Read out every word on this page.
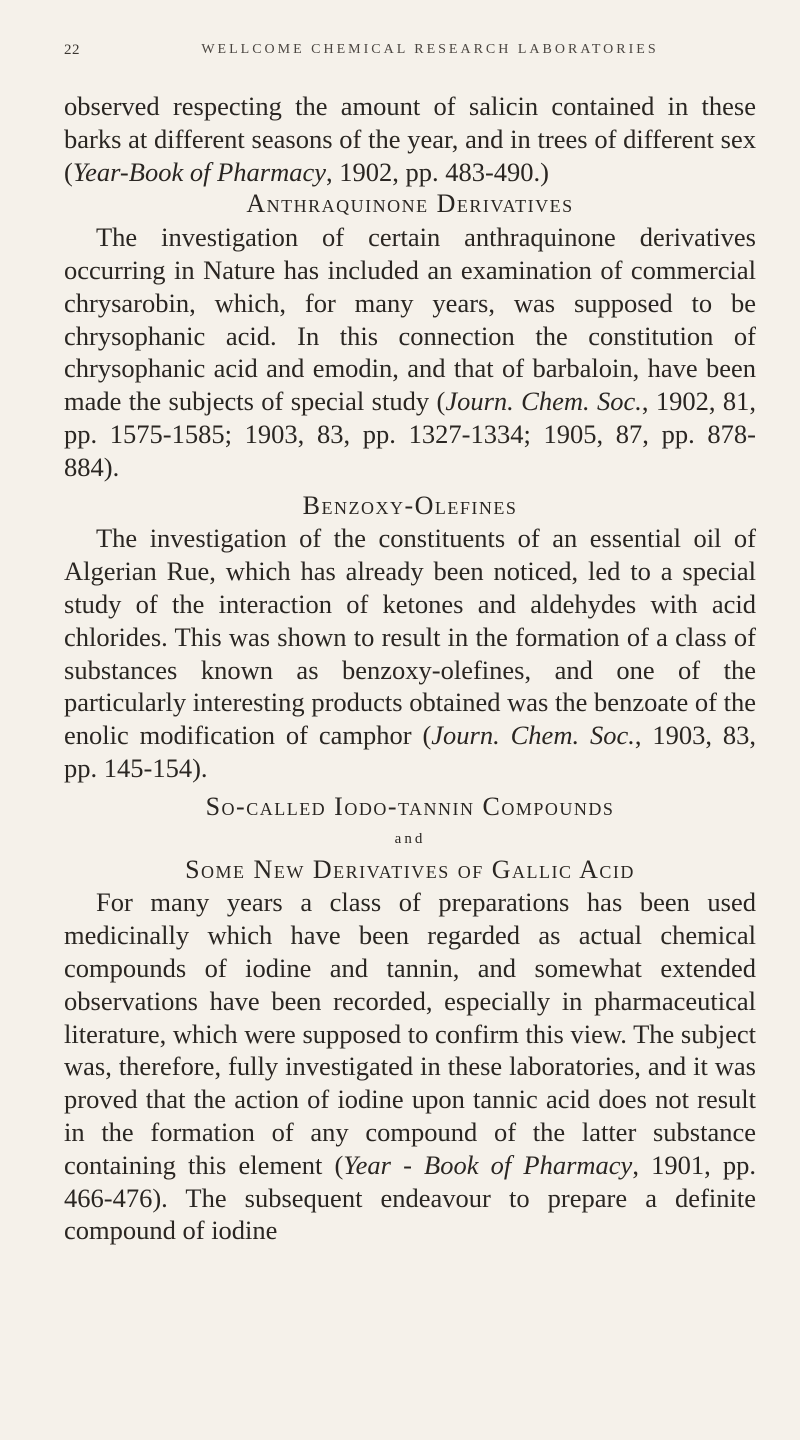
22	WELLCOME CHEMICAL RESEARCH LABORATORIES

observed respecting the amount of salicin contained in these barks at different seasons of the year, and in trees of different sex (Year-Book of Pharmacy, 1902, pp. 483-490.)

Anthraquinone Derivatives

The investigation of certain anthraquinone derivatives occurring in Nature has included an examination of commercial chrysarobin, which, for many years, was supposed to be chrysophanic acid. In this connection the constitution of chrysophanic acid and emodin, and that of barbaloin, have been made the subjects of special study (Journ. Chem. Soc., 1902, 81, pp. 1575-1585; 1903, 83, pp. 1327-1334; 1905, 87, pp. 878-884).

Benzoxy-Olefines

The investigation of the constituents of an essential oil of Algerian Rue, which has already been noticed, led to a special study of the interaction of ketones and aldehydes with acid chlorides. This was shown to result in the formation of a class of substances known as benzoxy-olefines, and one of the particularly interesting products obtained was the benzoate of the enolic modification of camphor (Journ. Chem. Soc., 1903, 83, pp. 145-154).

So-called Iodo-tannin Compounds
and
Some New Derivatives of Gallic Acid

For many years a class of preparations has been used medicinally which have been regarded as actual chemical compounds of iodine and tannin, and somewhat extended observations have been recorded, especially in pharmaceutical literature, which were supposed to confirm this view. The subject was, therefore, fully investigated in these laboratories, and it was proved that the action of iodine upon tannic acid does not result in the formation of any compound of the latter substance containing this element (Year - Book of Pharmacy, 1901, pp. 466-476). The subsequent endeavour to prepare a definite compound of iodine
